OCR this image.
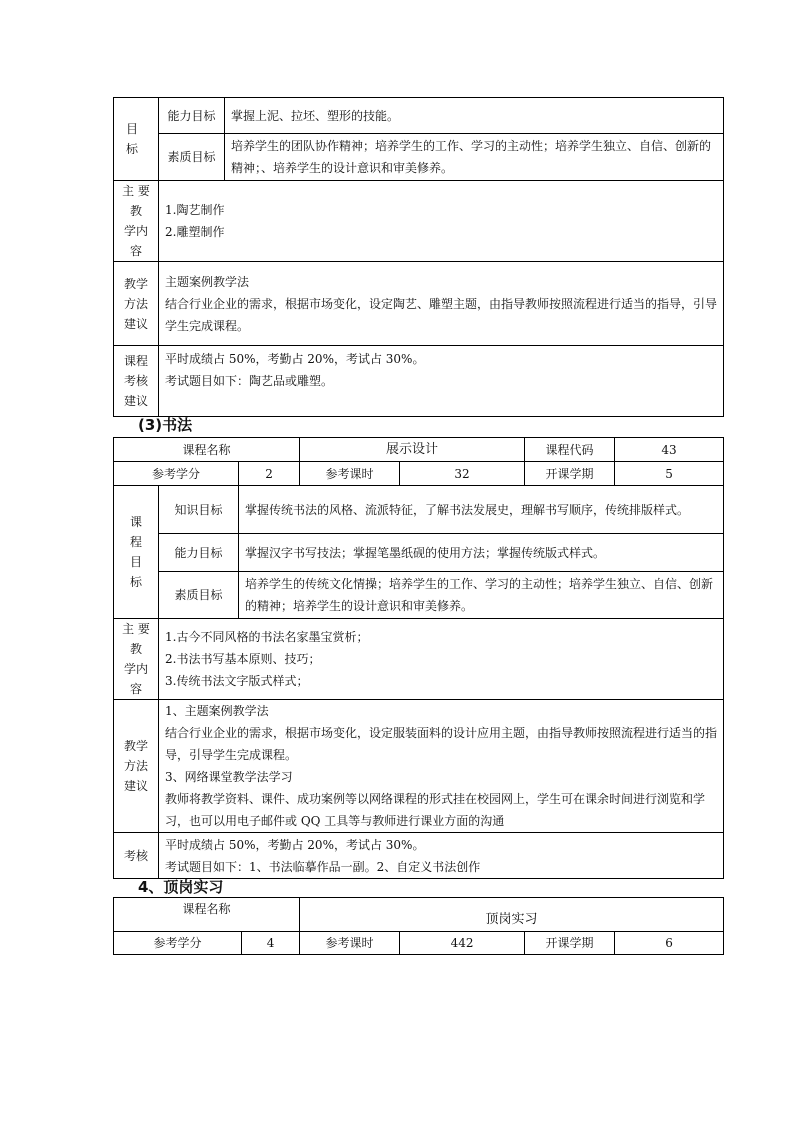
目
标	能力目标	掌握上泥、拉坯、塑形的技能。
	素质目标	培养学生的团队协作精神；培养学生的工作、学习的主动性；培养学生独立、自信、创新的精神；、培养学生的设计意识和审美修养。

主 要 教
学内容	1.陶艺制作
2.雕塑制作	

教学
方法
建议	主题案例教学法
结合行业企业的需求，根据市场变化，设定陶艺、雕塑主题，由指导教师按照流程进行适当的指导，引导学生完成课程。	

课程
考核
建议	平时成绩占 50%，考勤占 20%，考试占 30%。
考试题目如下：陶艺品或雕塑。	
(3)书法
课程名称			展示设计		课程代码	43
参考学分		2	参考课时	32	开课学期	5

课
程
目
标	知识目标	掌握传统书法的风格、流派特征，了解书法发展史，理解书写顺序，传统排版样式。				
	能力目标	掌握汉字书写技法；掌握笔墨纸砚的使用方法；掌握传统版式样式。				
	素质目标	培养学生的传统文化情操；培养学生的工作、学习的主动性；培养学生独立、自信、创新的精神；培养学生的设计意识和审美修养。				

主 要 教
学内容	1.古今不同风格的书法名家墨宝赏析；
2.书法书写基本原则、技巧；
3.传统书法文字版式样式；					

教学
方法
建议	1、主题案例教学法
结合行业企业的需求，根据市场变化，设定服装面料的设计应用主题，由指导教师按照流程进行适当的指导，引导学生完成课程。
3、网络课堂教学法学习
教师将教学资料、课件、成功案例等以网络课程的形式挂在校园网上，学生可在课余时间进行浏览和学习，也可以用电子邮件或 QQ 工具等与教师进行课业方面的沟通					

考核	平时成绩占 50%，考勤占 20%，考试占 30%。
考试题目如下：1、书法临摹作品一副。2、自定义书法创作					
4、顶岗实习
课程名称		顶岗实习			
参考学分	4	参考课时	442	开课学期	6
